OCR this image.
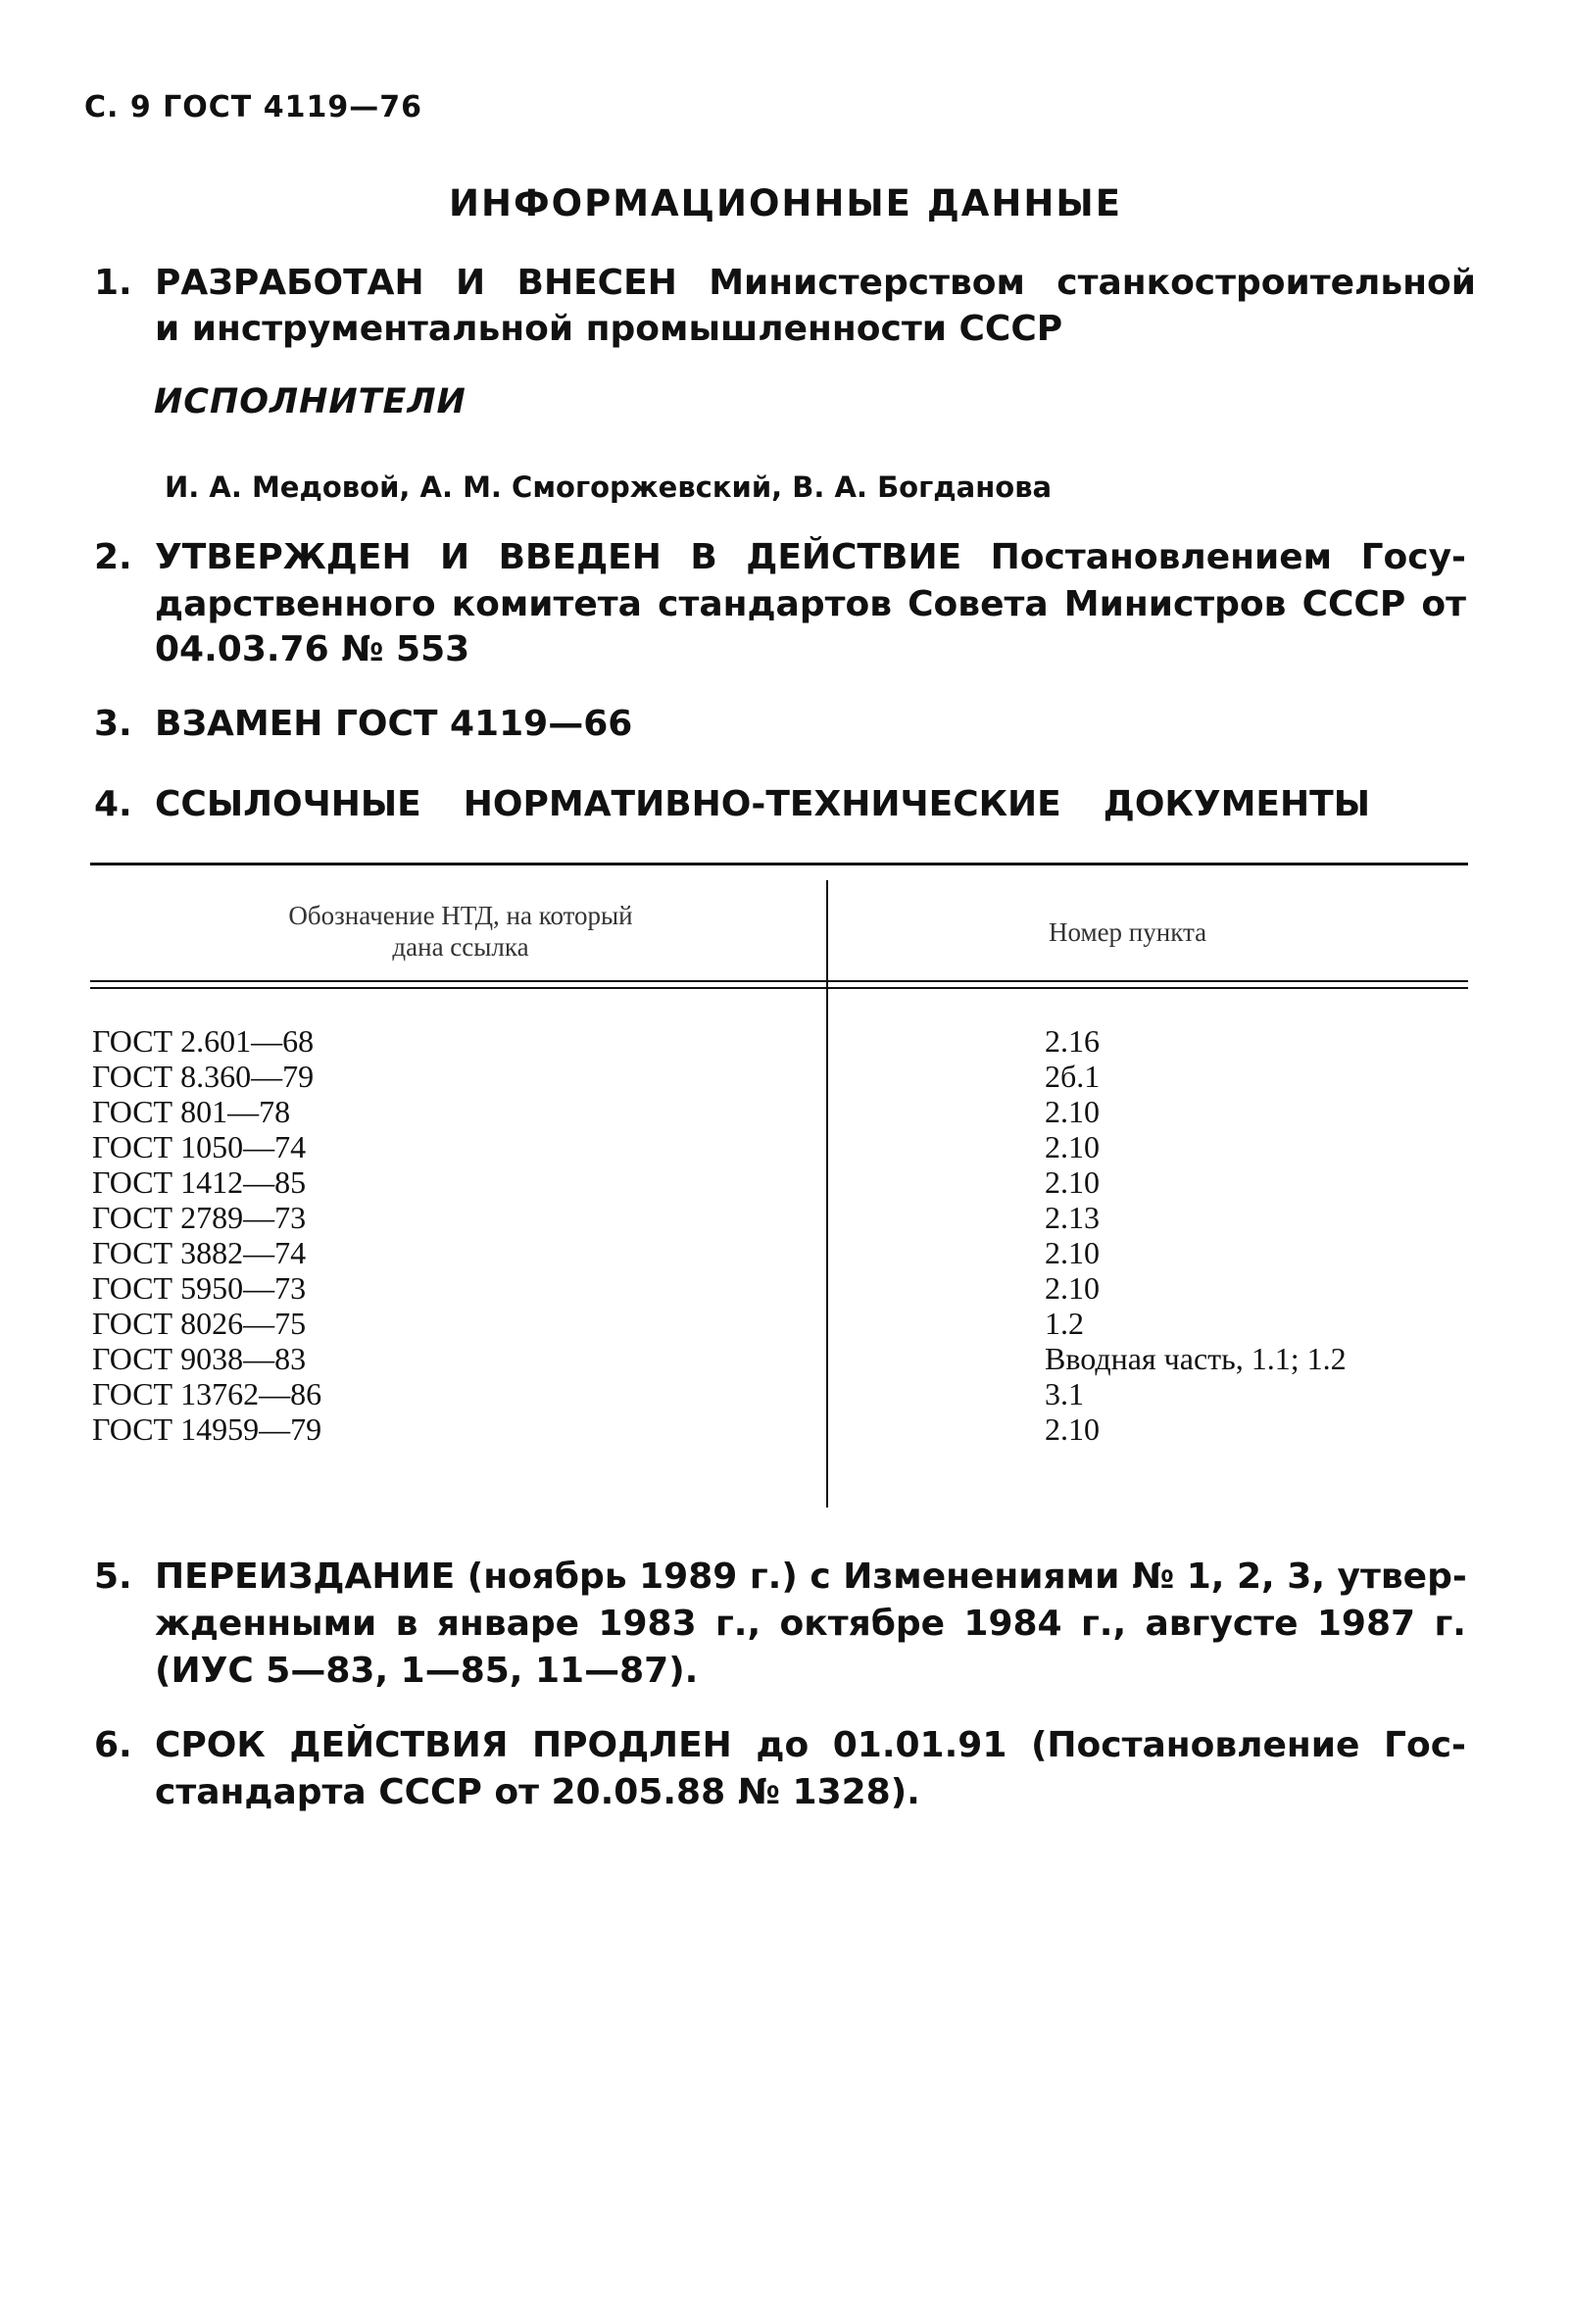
С. 9 ГОСТ 4119—76
ИНФОРМАЦИОННЫЕ ДАННЫЕ
1. РАЗРАБОТАН И ВНЕСЕН Министерством станкостроительной
и инструментальной промышленности СССР
ИСПОЛНИТЕЛИ
И. А. Медовой, А. М. Смогоржевский, В. А. Богданова
2. УТВЕРЖДЕН И ВВЕДЕН В ДЕЙСТВИЕ Постановлением Госу-
дарственного комитета стандартов Совета Министров СССР от
04.03.76 № 553
3. ВЗАМЕН ГОСТ 4119—66
4. ССЫЛОЧНЫЕ НОРМАТИВНО-ТЕХНИЧЕСКИЕ ДОКУМЕНТЫ
Обозначение НТД, на который
дана ссылка	Номер пункта
ГОСТ 2.601—68
ГОСТ 8.360—79
ГОСТ 801—78
ГОСТ 1050—74
ГОСТ 1412—85
ГОСТ 2789—73
ГОСТ 3882—74
ГОСТ 5950—73
ГОСТ 8026—75
ГОСТ 9038—83
ГОСТ 13762—86
ГОСТ 14959—79
2.16
2б.1
2.10
2.10
2.10
2.13
2.10
2.10
1.2
Вводная часть, 1.1; 1.2
3.1
2.10
5. ПЕРЕИЗДАНИЕ (ноябрь 1989 г.) с Изменениями № 1, 2, 3, утвер-
жденными в январе 1983 г., октябре 1984 г., августе 1987 г.
(ИУС 5—83, 1—85, 11—87).
6. СРОК ДЕЙСТВИЯ ПРОДЛЕН до 01.01.91 (Постановление Гос-
стандарта СССР от 20.05.88 № 1328).
